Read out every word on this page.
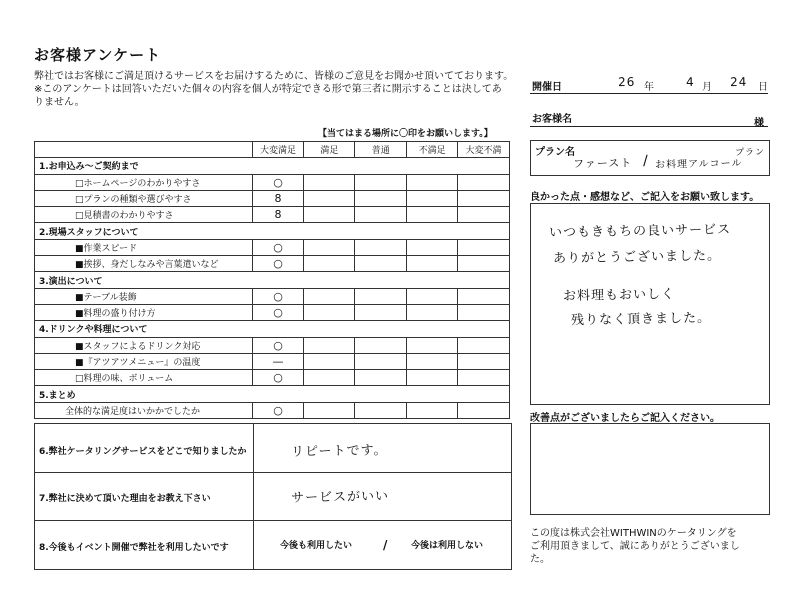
お客様アンケート
弊社ではお客様にご満足頂けるサービスをお届けするために、皆様のご意見をお聞かせ頂いてております。
※このアンケートは回答いただいた個々の内容を個人が特定できる形で第三者に開示することは決してあ
りません。
開催日	26 年	4 月 24 日
お客様名	様
プラン名
ファースト / お料理アルコール
プラン
【当てはまる場所に〇印をお願いします。】
	大変満足	満足	普通	不満足	大変不満
1.お申込み～ご契約まで					
□ホームページのわかりやすさ	○				
□プランの種類や選びやすさ	8				
□見積書のわかりやすさ	8				
2.現場スタッフについて					
■作業スピード	○				
■挨拶、身だしなみや言葉遣いなど	○				
3.演出について					
■テーブル装飾	○				
■料理の盛り付け方	○				
4.ドリンクや料理について					
■スタッフによるドリンク対応	○				
■『アツアツメニュー』の温度	—				
□料理の味、ボリューム	○				
5.まとめ					
全体的な満足度はいかかでしたか	○				
良かった点・感想など、ご記入をお願い致します。
いつもきもちの良いサービス
ありがとうございました。
お料理もおいしく
残りなく頂きました。
改善点がございましたらご記入ください。
6.弊社ケータリングサービスをどこで知りましたか	リピートです。
7.弊社に決めて頂いた理由をお教え下さい	サービスがいい
8.今後もイベント開催で弊社を利用したいです	今後も利用したい	/	今後は利用しない
この度は株式会社WITHWINのケータリングを
ご利用頂きまして、誠にありがとうございまし
た。
